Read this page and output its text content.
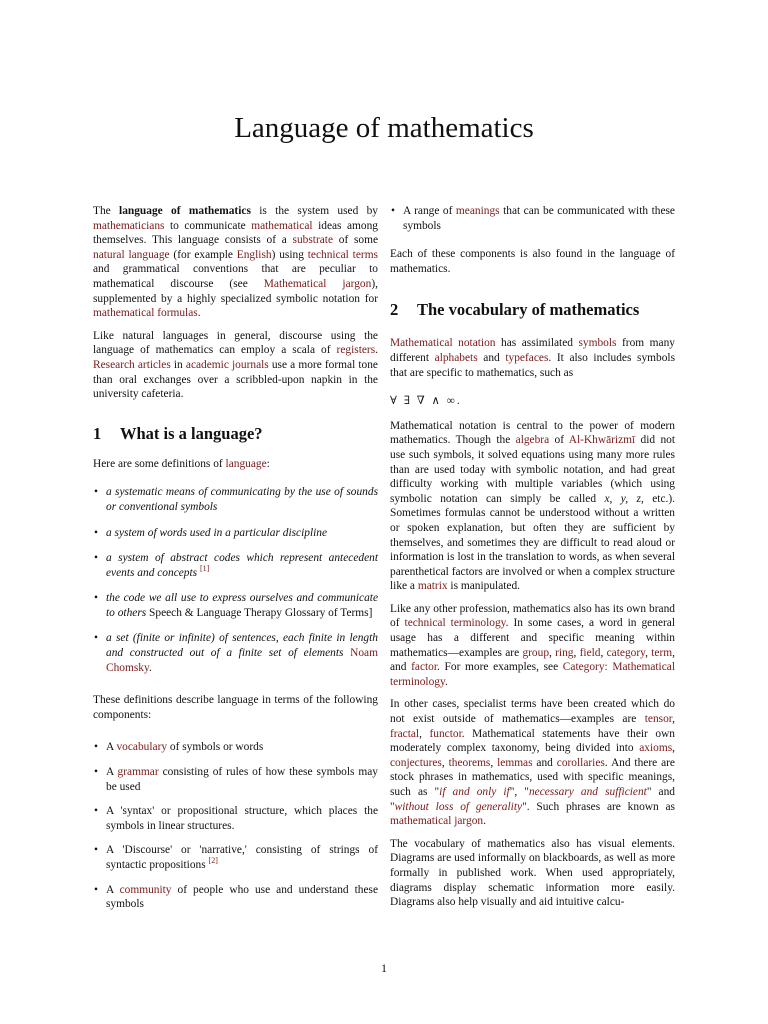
Language of mathematics

The language of mathematics is the system used by mathematicians to communicate mathematical ideas among themselves. This language consists of a substrate of some natural language (for example English) using technical terms and grammatical conventions that are peculiar to mathematical discourse (see Mathematical jargon), supplemented by a highly specialized symbolic notation for mathematical formulas.

Like natural languages in general, discourse using the language of mathematics can employ a scala of registers. Research articles in academic journals use a more formal tone than oral exchanges over a scribbled-upon napkin in the university cafeteria.

1 What is a language?

Here are some definitions of language:

• a systematic means of communicating by the use of sounds or conventional symbols
• a system of words used in a particular discipline
• a system of abstract codes which represent antecedent events and concepts [1]
• the code we all use to express ourselves and communicate to others Speech & Language Therapy Glossary of Terms]
• a set (finite or infinite) of sentences, each finite in length and constructed out of a finite set of elements Noam Chomsky.

These definitions describe language in terms of the following components:

• A vocabulary of symbols or words
• A grammar consisting of rules of how these symbols may be used
• A 'syntax' or propositional structure, which places the symbols in linear structures.
• A 'Discourse' or 'narrative,' consisting of strings of syntactic propositions [2]
• A community of people who use and understand these symbols
• A range of meanings that can be communicated with these symbols

Each of these components is also found in the language of mathematics.

2 The vocabulary of mathematics

Mathematical notation has assimilated symbols from many different alphabets and typefaces. It also includes symbols that are specific to mathematics, such as

∀ ∃ ∇ ∧ ∞.

Mathematical notation is central to the power of modern mathematics. Though the algebra of Al-Khwārizmī did not use such symbols, it solved equations using many more rules than are used today with symbolic notation, and had great difficulty working with multiple variables (which using symbolic notation can simply be called x, y, z, etc.). Sometimes formulas cannot be understood without a written or spoken explanation, but often they are sufficient by themselves, and sometimes they are difficult to read aloud or information is lost in the translation to words, as when several parenthetical factors are involved or when a complex structure like a matrix is manipulated.

Like any other profession, mathematics also has its own brand of technical terminology. In some cases, a word in general usage has a different and specific meaning within mathematics—examples are group, ring, field, category, term, and factor. For more examples, see Category: Mathematical terminology.

In other cases, specialist terms have been created which do not exist outside of mathematics—examples are tensor, fractal, functor. Mathematical statements have their own moderately complex taxonomy, being divided into axioms, conjectures, theorems, lemmas and corollaries. And there are stock phrases in mathematics, used with specific meanings, such as "if and only if", "necessary and sufficient" and "without loss of generality". Such phrases are known as mathematical jargon.

The vocabulary of mathematics also has visual elements. Diagrams are used informally on blackboards, as well as more formally in published work. When used appropriately, diagrams display schematic information more easily. Diagrams also help visually and aid intuitive calcu-

1
